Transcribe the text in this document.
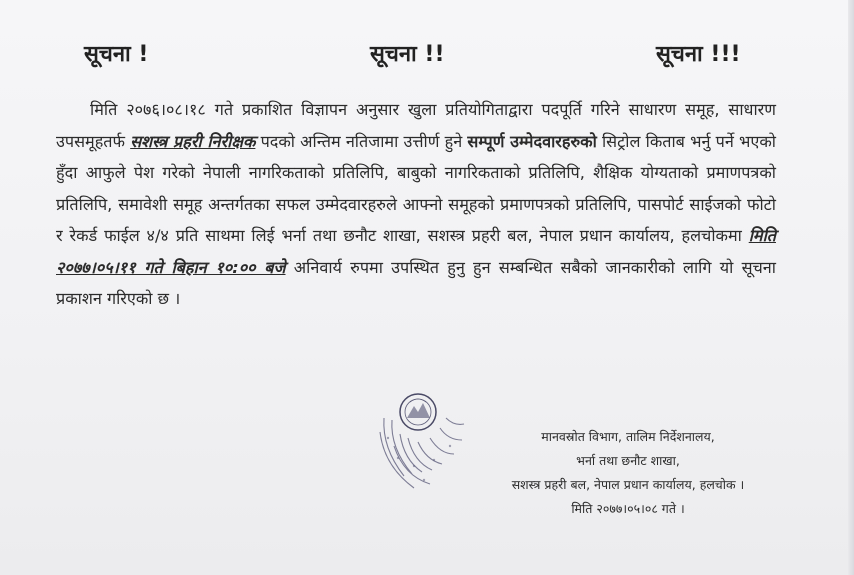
सूचना !	सूचना !!	सूचना !!!

मिति २०७६।०८।१८ गते प्रकाशित विज्ञापन अनुसार खुला प्रतियोगिताद्वारा पदपूर्ति गरिने साधारण समूह, साधारण उपसमूहतर्फ सशस्त्र प्रहरी निरीक्षक पदको अन्तिम नतिजामा उत्तीर्ण हुने सम्पूर्ण उम्मेदवारहरुको सिट्रोल किताब भर्नु पर्ने भएको हुँदा आफुले पेश गरेको नेपाली नागरिकताको प्रतिलिपि, बाबुको नागरिकताको प्रतिलिपि, शैक्षिक योग्यताको प्रमाणपत्रको प्रतिलिपि, समावेशी समूह अन्तर्गतका सफल उम्मेदवारहरुले आफ्नो समूहको प्रमाणपत्रको प्रतिलिपि, पासपोर्ट साईजको फोटो र रेकर्ड फाईल ४/४ प्रति साथमा लिई भर्ना तथा छनौट शाखा, सशस्त्र प्रहरी बल, नेपाल प्रधान कार्यालय, हलचोकमा मिति २०७७।०५।११ गते बिहान १०:०० बजे अनिवार्य रुपमा उपस्थित हुनु हुन सम्बन्धित सबैको जानकारीको लागि यो सूचना प्रकाशन गरिएको छ ।

मानवस्रोत विभाग, तालिम निर्देशनालय,
भर्ना तथा छनौट शाखा,
सशस्त्र प्रहरी बल, नेपाल प्रधान कार्यालय, हलचोक ।
मिति २०७७।०५।०८ गते ।
